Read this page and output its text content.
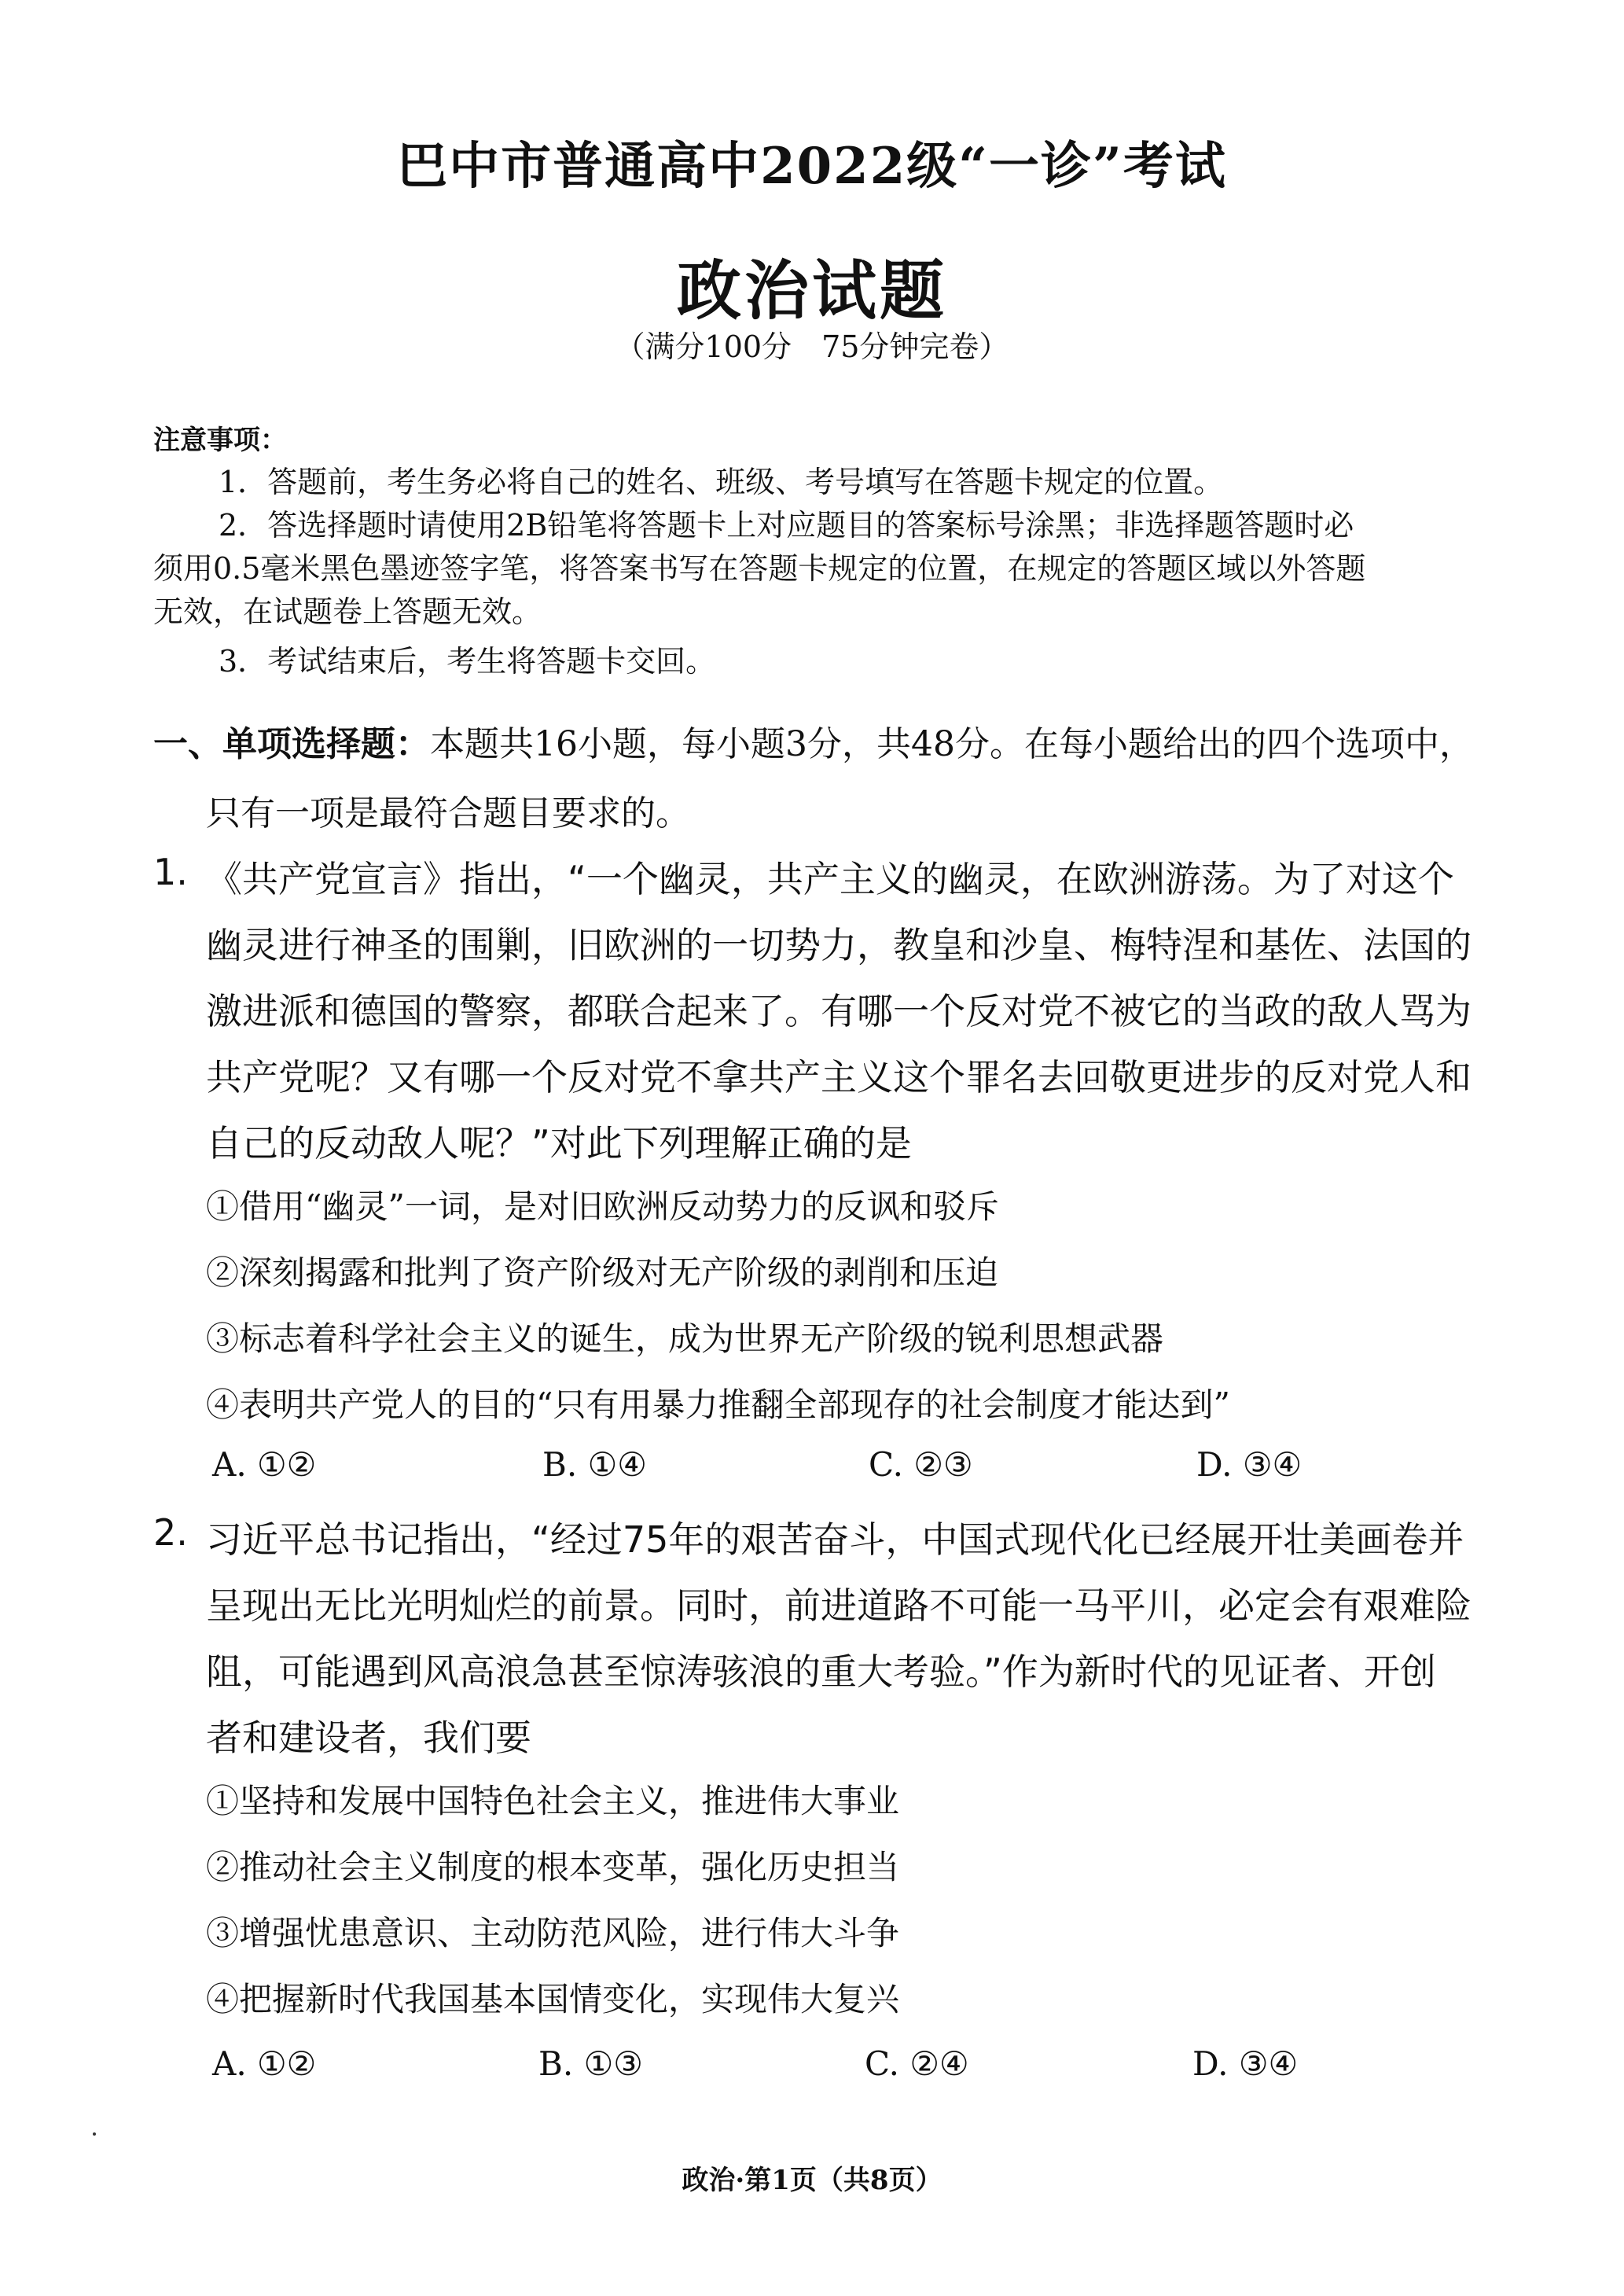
巴中市普通高中2022级“一诊”考试
政治试题
（满分100分　75分钟完卷）
注意事项：
1．答题前，考生务必将自己的姓名、班级、考号填写在答题卡规定的位置。
2．答选择题时请使用2B铅笔将答题卡上对应题目的答案标号涂黑；非选择题答题时必
须用0.5毫米黑色墨迹签字笔，将答案书写在答题卡规定的位置，在规定的答题区域以外答题
无效，在试题卷上答题无效。
3．考试结束后，考生将答题卡交回。
一、单项选择题：本题共16小题，每小题3分，共48分。在每小题给出的四个选项中，
只有一项是最符合题目要求的。
1. 《共产党宣言》指出，“一个幽灵，共产主义的幽灵，在欧洲游荡。为了对这个
幽灵进行神圣的围剿，旧欧洲的一切势力，教皇和沙皇、梅特涅和基佐、法国的
激进派和德国的警察，都联合起来了。有哪一个反对党不被它的当政的敌人骂为
共产党呢？又有哪一个反对党不拿共产主义这个罪名去回敬更进步的反对党人和
自己的反动敌人呢？”对此下列理解正确的是
①借用“幽灵”一词，是对旧欧洲反动势力的反讽和驳斥
②深刻揭露和批判了资产阶级对无产阶级的剥削和压迫
③标志着科学社会主义的诞生，成为世界无产阶级的锐利思想武器
④表明共产党人的目的“只有用暴力推翻全部现存的社会制度才能达到”
A. ①②	B. ①④	C. ②③	D. ③④
2. 习近平总书记指出，“经过75年的艰苦奋斗，中国式现代化已经展开壮美画卷并
呈现出无比光明灿烂的前景。同时，前进道路不可能一马平川，必定会有艰难险
阻，可能遇到风高浪急甚至惊涛骇浪的重大考验。”作为新时代的见证者、开创
者和建设者，我们要
①坚持和发展中国特色社会主义，推进伟大事业
②推动社会主义制度的根本变革，强化历史担当
③增强忧患意识、主动防范风险，进行伟大斗争
④把握新时代我国基本国情变化，实现伟大复兴
A. ①②	B. ①③	C. ②④	D. ③④
政治·第1页（共8页）
